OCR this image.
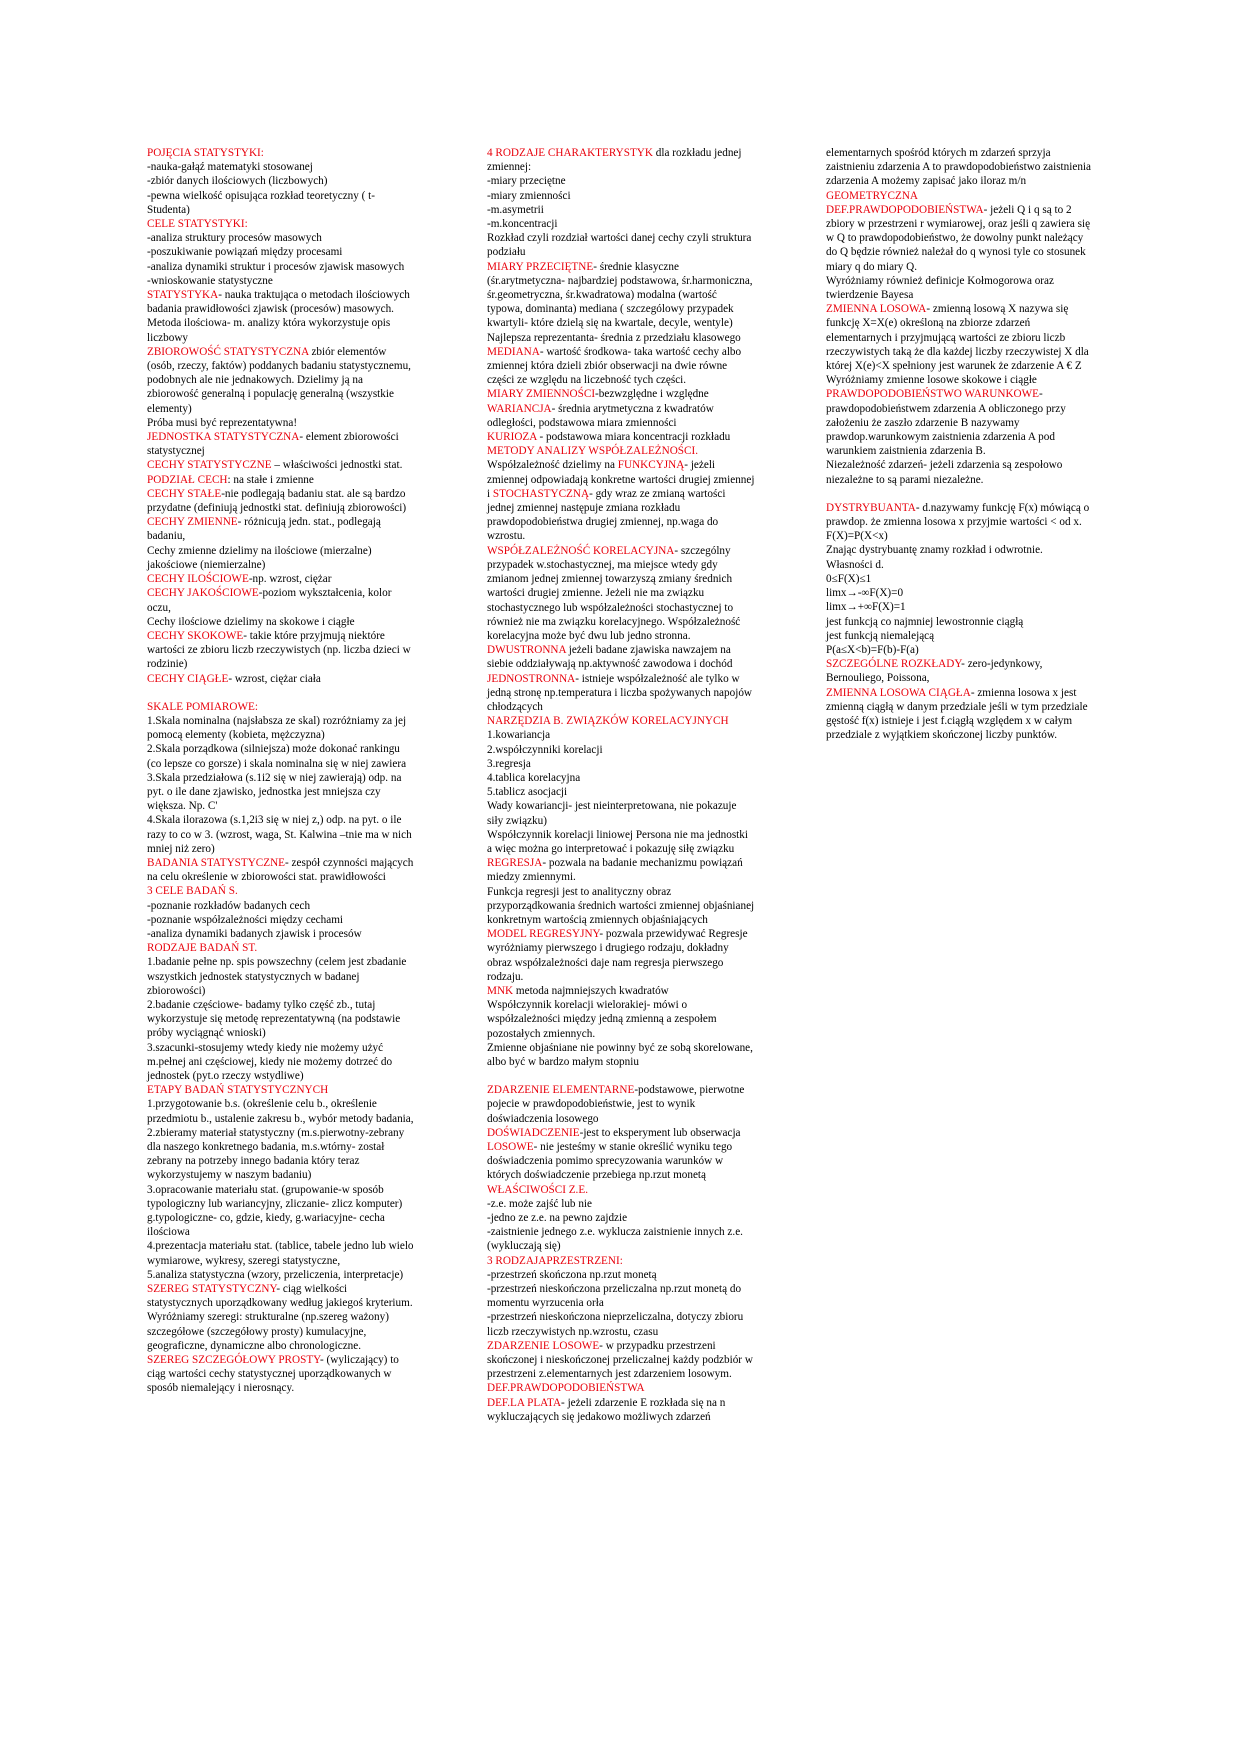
POJĘCIA STATYSTYKI:

-nauka-gałąź matematyki stosowanej

-zbiór danych ilościowych (liczbowych)

-pewna wielkość opisująca rozkład teoretyczny ( t-Studenta)

CELE STATYSTYKI:

-analiza struktury procesów masowych

-poszukiwanie powiązań między procesami

-analiza dynamiki struktur i procesów zjawisk masowych

-wnioskowanie statystyczne

STATYSTYKA- nauka traktująca o metodach ilościowych badania prawidłowości zjawisk (procesów) masowych.

Metoda ilościowa- m. analizy która wykorzystuje opis liczbowy

ZBIOROWOŚĆ STATYSTYCZNA zbiór elementów (osób, rzeczy, faktów) poddanych badaniu statystycznemu, podobnych ale nie jednakowych. Dzielimy ją na zbiorowość generalną i populację generalną (wszystkie elementy)

Próba musi być reprezentatywna!

JEDNOSTKA STATYSTYCZNA- element zbiorowości statystycznej

CECHY STATYSTYCZNE – właściwości jednostki stat.

PODZIAŁ CECH: na stałe i zmienne

CECHY STAŁE-nie podlegają badaniu stat. ale są bardzo przydatne (definiują jednostki stat. definiują zbiorowości)

CECHY ZMIENNE- różnicują jedn. stat., podlegają badaniu,

Cechy zmienne dzielimy na ilościowe (mierzalne) jakościowe (niemierzalne)

CECHY ILOŚCIOWE-np. wzrost, ciężar

CECHY JAKOŚCIOWE-poziom wykształcenia, kolor oczu,

Cechy ilościowe dzielimy na skokowe i ciągłe

CECHY SKOKOWE- takie które przyjmują niektóre wartości ze zbioru liczb rzeczywistych (np. liczba dzieci w rodzinie)

CECHY CIĄGŁE- wzrost, ciężar ciała

SKALE POMIAROWE:

1.Skala nominalna (najsłabsza ze skal) rozróżniamy za jej pomocą elementy (kobieta, mężczyzna)

2.Skala porządkowa (silniejsza) może dokonać rankingu (co lepsze co gorsze) i skala nominalna się w niej zawiera

3.Skala przedziałowa (s.1i2 się w niej zawierają) odp. na pyt. o ile dane zjawisko, jednostka jest mniejsza czy większa. Np. C'

4.Skala ilorazowa (s.1,2i3 się w niej z,) odp. na pyt. o ile razy to co w 3. (wzrost, waga, St. Kalwina –tnie ma w nich mniej niż zero)

BADANIA STATYSTYCZNE- zespół czynności mających na celu określenie w zbiorowości stat. prawidłowości

3 CELE BADAŃ S.

-poznanie rozkładów badanych cech

-poznanie współzależności między cechami

-analiza dynamiki badanych zjawisk i procesów

RODZAJE BADAŃ ST.

1.badanie pełne np. spis powszechny (celem jest zbadanie wszystkich jednostek statystycznych w badanej zbiorowości)

2.badanie częściowe- badamy tylko część zb., tutaj wykorzystuje się metodę reprezentatywną (na podstawie próby wyciągnąć wnioski)

3.szacunki-stosujemy wtedy kiedy nie możemy użyć m.pełnej ani częściowej, kiedy nie możemy dotrzeć do jednostek (pyt.o rzeczy wstydliwe)

ETAPY BADAŃ STATYSTYCZNYCH

1.przygotowanie b.s. (określenie celu b., określenie przedmiotu b., ustalenie zakresu b., wybór metody badania,

2.zbieramy materiał statystyczny (m.s.pierwotny-zebrany dla naszego konkretnego badania, m.s.wtórny- został zebrany na potrzeby innego badania który teraz wykorzystujemy w naszym badaniu)

3.opracowanie materiału stat. (grupowanie-w sposób typologiczny lub wariancyjny, zliczanie- zlicz komputer) g.typologiczne- co, gdzie, kiedy, g.wariacyjne- cecha ilościowa

4.prezentacja materiału stat. (tablice, tabele jedno lub wielo wymiarowe, wykresy, szeregi statystyczne,

5.analiza statystyczna (wzory, przeliczenia, interpretacje)

SZEREG STATYSTYCZNY- ciąg wielkości statystycznych uporządkowany według jakiegoś kryterium. Wyróżniamy szeregi: strukturalne (np.szereg ważony) szczegółowe (szczegółowy prosty) kumulacyjne, geograficzne, dynamiczne albo chronologiczne.

SZEREG SZCZEGÓŁOWY PROSTY- (wyliczający) to ciąg wartości cechy statystycznej uporządkowanych w sposób niemalejący i nierosnący.

4 RODZAJE CHARAKTERYSTYK dla rozkładu jednej zmiennej:

-miary przeciętne

-miary zmienności

-m.asymetrii

-m.koncentracji

Rozkład czyli rozdział wartości danej cechy czyli struktura podziału

MIARY PRZECIĘTNE- średnie klasyczne (śr.arytmetyczna- najbardziej podstawowa, śr.harmoniczna, śr.geometryczna, śr.kwadratowa) modalna (wartość typowa, dominanta) mediana ( szczególowy przypadek kwartyli- które dzielą się na kwartale, decyle, wentyle)

Najlepsza reprezentanta- średnia z przedziału klasowego

MEDIANA- wartość środkowa- taka wartość cechy albo zmiennej która dzieli zbiór obserwacji na dwie równe części ze względu na liczebność tych części.

MIARY ZMIENNOŚCI-bezwzględne i względne

WARIANCJA- średnia arytmetyczna z kwadratów odległości, podstawowa miara zmienności

KURIOZA - podstawowa miara koncentracji rozkładu

METODY ANALIZY WSPÓŁZALEŻNOŚCI.

Współzależność dzielimy na FUNKCYJNĄ- jeżeli zmiennej odpowiadają konkretne wartości drugiej zmiennej i STOCHASTYCZNĄ- gdy wraz ze zmianą wartości jednej zmiennej następuje zmiana rozkładu prawdopodobieństwa drugiej zmiennej, np.waga do wzrostu.

WSPÓŁZALEŻNOŚĆ KORELACYJNA- szczególny przypadek w.stochastycznej, ma miejsce wtedy gdy zmianom jednej zmiennej towarzyszą zmiany średnich wartości drugiej zmienne. Jeżeli nie ma związku stochastycznego lub współzależności stochastycznej to również nie ma związku korelacyjnego. Współzależność korelacyjna może być dwu lub jedno stronna.

DWUSTRONNA jeżeli badane zjawiska nawzajem na siebie oddziaływają np.aktywność zawodowa i dochód

JEDNOSTRONNA- istnieje współzależność ale tylko w jedną stronę np.temperatura i liczba spożywanych napojów chłodzących

NARZĘDZIA B. ZWIĄZKÓW KORELACYJNYCH

1.kowariancja

2.współczynniki korelacji

3.regresja

4.tablica korelacyjna

5.tablicz asocjacji

Wady kowariancji- jest nieinterpretowana, nie pokazuje siły związku)

Współczynnik korelacji liniowej Persona nie ma jednostki a więc można go interpretować i pokazuję siłę związku

REGRESJA- pozwala na badanie mechanizmu powiązań miedzy zmiennymi.

Funkcja regresji jest to analityczny obraz przyporządkowania średnich wartości zmiennej objaśnianej konkretnym wartością zmiennych objaśniających

MODEL REGRESYJNY- pozwala przewidywać Regresje wyróżniamy pierwszego i drugiego rodzaju, dokładny obraz współzależności daje nam regresja pierwszego rodzaju.

MNK metoda najmniejszych kwadratów

Współczynnik korelacji wielorakiej- mówi o współzależności między jedną zmienną a zespołem pozostałych zmiennych.

Zmienne objaśniane nie powinny być ze sobą skorelowane, albo być w bardzo małym stopniu

ZDARZENIE ELEMENTARNE-podstawowe, pierwotne pojecie w prawdopodobieństwie, jest to wynik doświadczenia losowego

DOŚWIADCZENIE-jest to eksperyment lub obserwacja

LOSOWE- nie jesteśmy w stanie określić wyniku tego doświadczenia pomimo sprecyzowania warunków w których doświadczenie przebiega np.rzut monetą

WŁAŚCIWOŚCI Z.E.

-z.e. może zajść lub nie

-jedno ze z.e. na pewno zajdzie

-zaistnienie jednego z.e. wyklucza zaistnienie innych z.e. (wykluczają się)

3 RODZAJAPRZESTRZENI:

-przestrzeń skończona np.rzut monetą

-przestrzeń nieskończona przeliczalna np.rzut monetą do momentu wyrzucenia orła

-przestrzeń nieskończona nieprzeliczalna, dotyczy zbioru liczb rzeczywistych np.wzrostu, czasu

ZDARZENIE LOSOWE- w przypadku przestrzeni skończonej i nieskończonej przeliczalnej każdy podzbiór w przestrzeni z.elementarnych jest zdarzeniem losowym.

DEF.PRAWDOPODOBIEŃSTWA

DEF.LA PLATA- jeżeli zdarzenie E rozkłada się na n wykluczających się jedakowo możliwych zdarzeń

elementarnych spośród których m zdarzeń sprzyja zaistnieniu zdarzenia A to prawdopodobieństwo zaistnienia zdarzenia A możemy zapisać jako iloraz m/n

GEOMETRYCZNA

DEF.PRAWDOPODOBIEŃSTWA- jeżeli Q i q są to 2 zbiory w przestrzeni r wymiarowej, oraz jeśli q zawiera się w Q to prawdopodobieństwo, że dowolny punkt należący do Q będzie również należał do q wynosi tyle co stosunek miary q do miary Q.

Wyróżniamy również definicje Kołmogorowa oraz twierdzenie Bayesa

ZMIENNA LOSOWA- zmienną losową X nazywa się funkcję X=X(e) określoną na zbiorze zdarzeń elementarnych i przyjmującą wartości ze zbioru liczb rzeczywistych taką że dla każdej liczby rzeczywistej X dla której X(e)<X spełniony jest warunek że zdarzenie A € Z

Wyróżniamy zmienne losowe skokowe i ciągłe

PRAWDOPODOBIEŃSTWO WARUNKOWE- prawdopodobieństwem zdarzenia A obliczonego przy założeniu że zaszło zdarzenie B nazywamy prawdop.warunkowym zaistnienia zdarzenia A pod warunkiem zaistnienia zdarzenia B.

Niezależność zdarzeń- jeżeli zdarzenia są zespołowo niezależne to są parami niezależne.

DYSTRYBUANTA- d.nazywamy funkcję F(x) mówiącą o prawdop. że zmienna losowa x przyjmie wartości < od x. F(X)=P(X<x)

Znając dystrybuantę znamy rozkład i odwrotnie.

Własności d.

0≤F(X)≤1

limx→-∞F(X)=0

limx→+∞F(X)=1

jest funkcją co najmniej lewostronnie ciągłą

jest funkcją niemalejącą

P(a≤X<b)=F(b)-F(a)

SZCZEGÓLNE ROZKŁADY- zero-jedynkowy, Bernouliego, Poissona,

ZMIENNA LOSOWA CIĄGŁA- zmienna losowa x jest zmienną ciągłą w danym przedziale jeśli w tym przedziale gęstość f(x) istnieje i jest f.ciągłą względem x w całym przedziale z wyjątkiem skończonej liczby punktów.
